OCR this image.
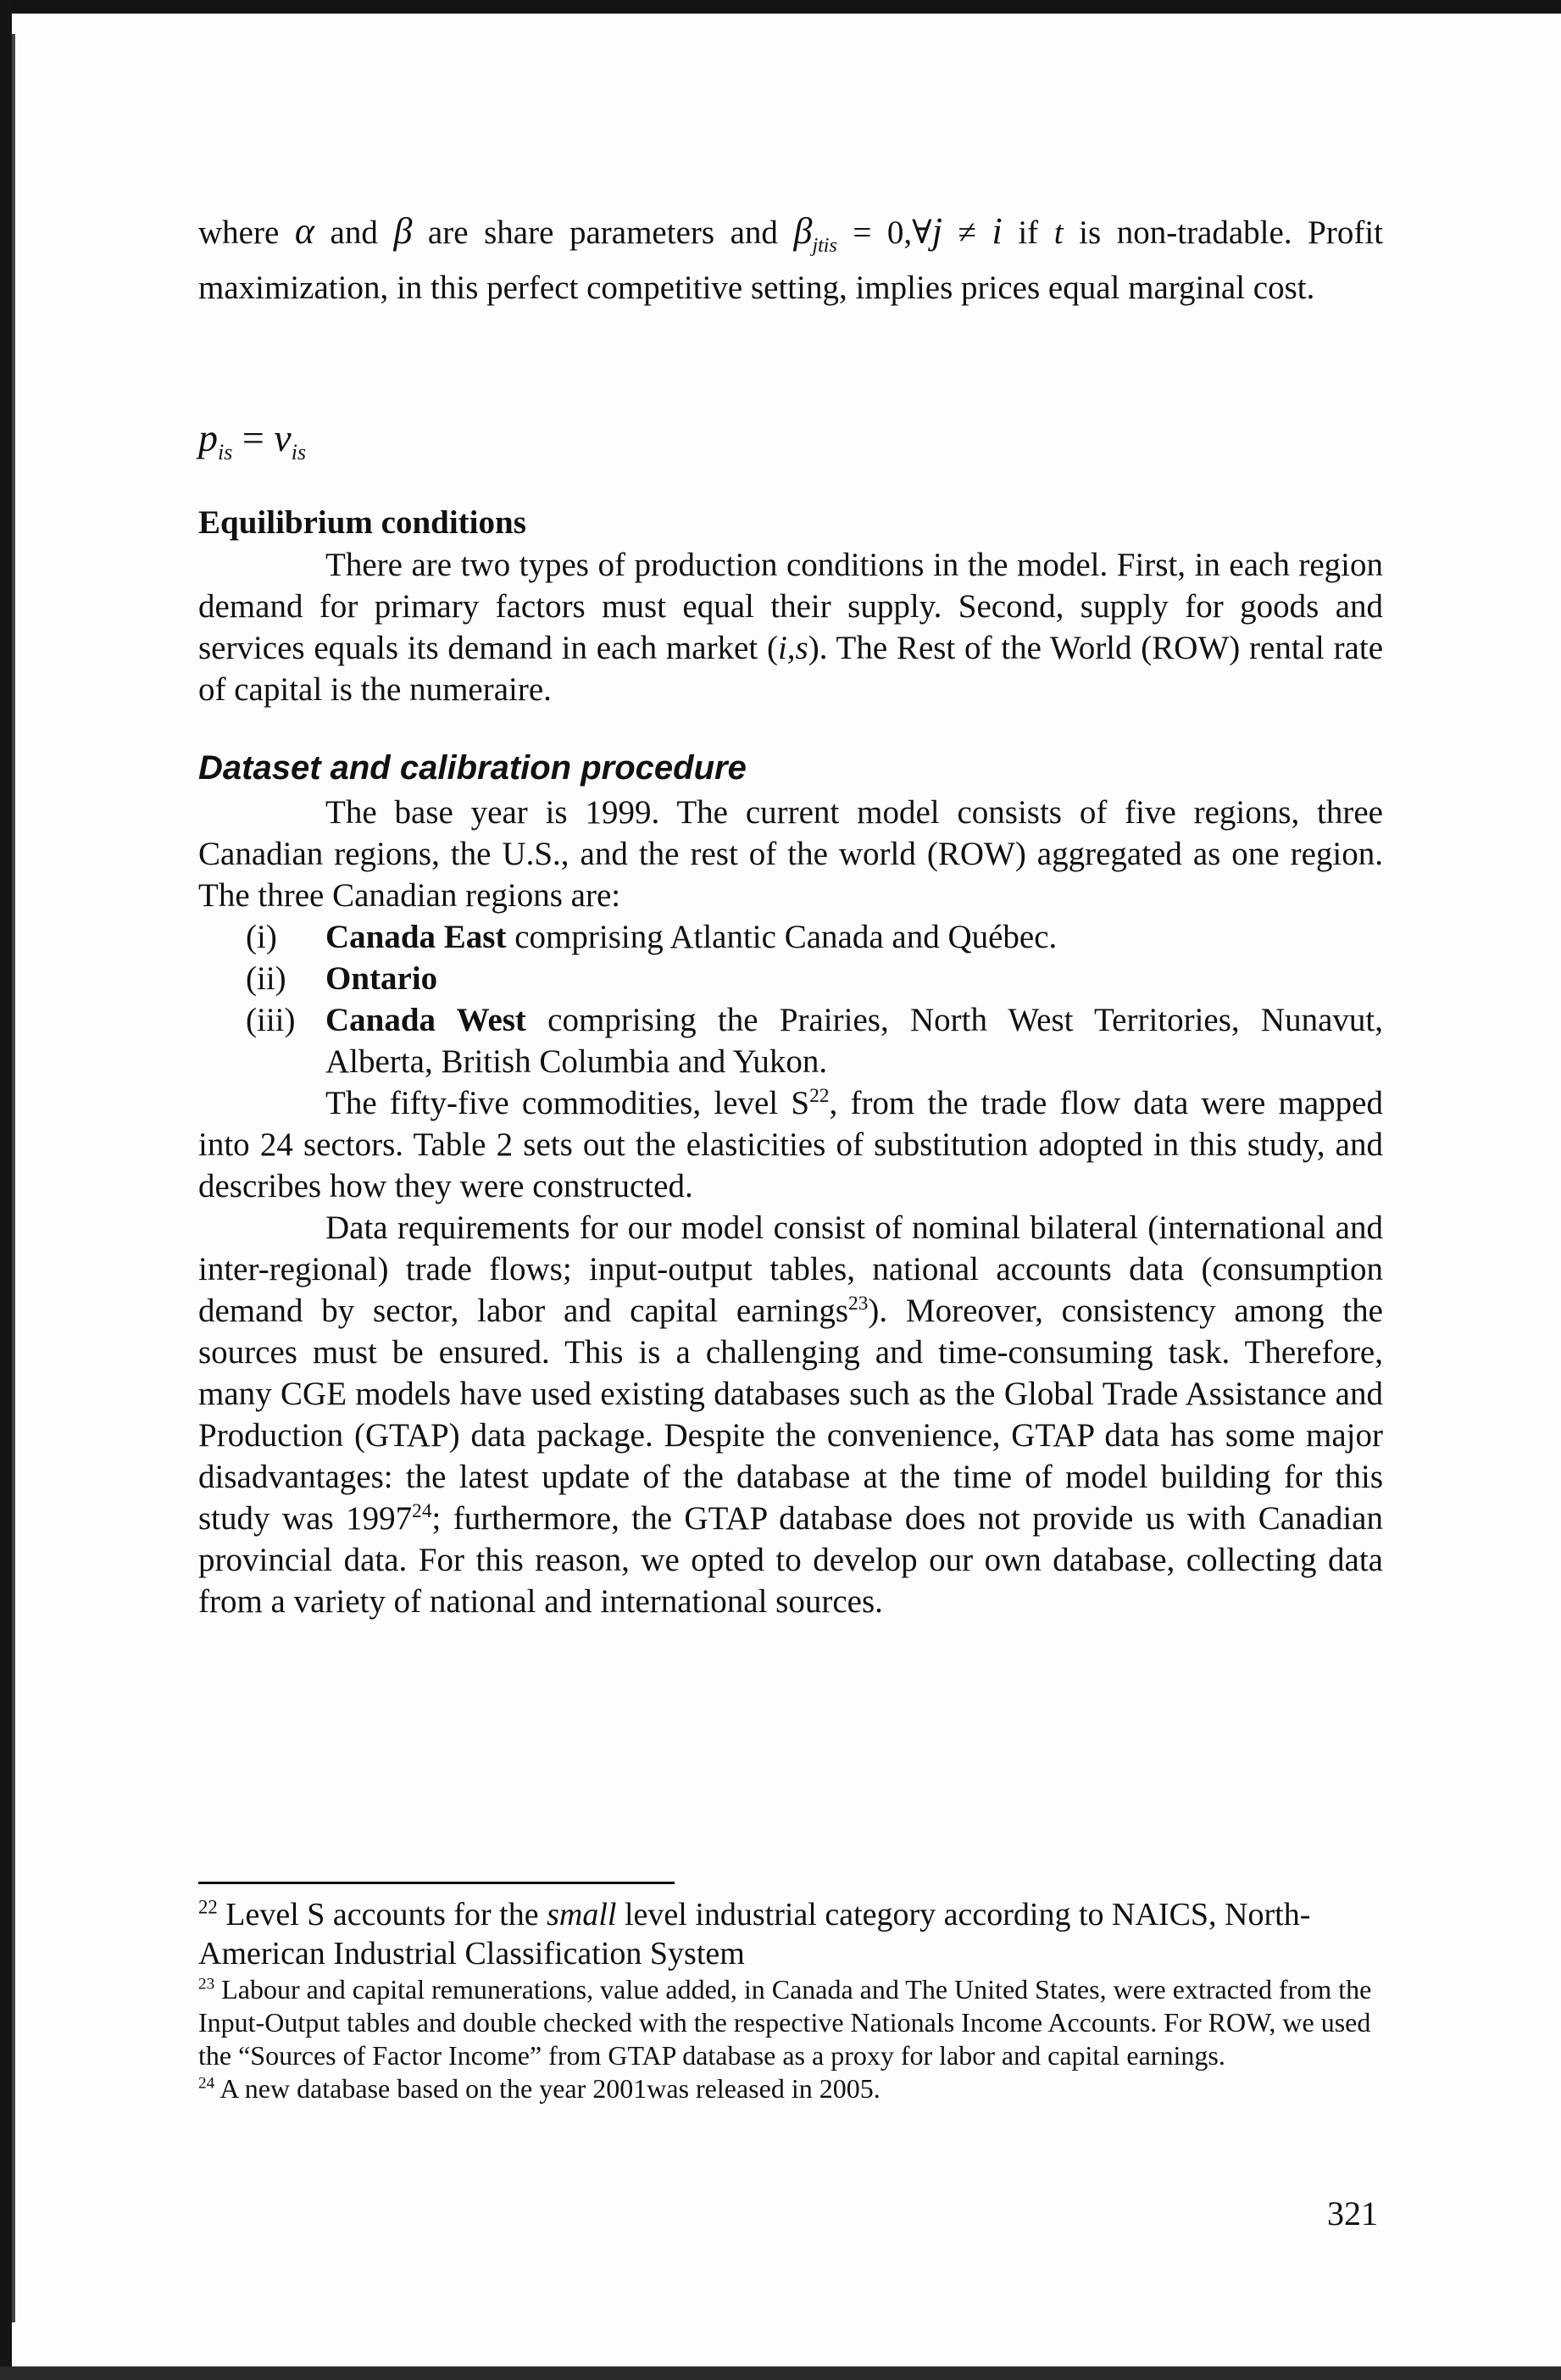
where α and β are share parameters and $\beta_{jtis}$ = 0,∀j ≠ i if t is non-tradable. Profit maximization, in this perfect competitive setting, implies prices equal marginal cost.

$p_{is} = v_{is}$
Equilibrium conditions

There are two types of production conditions in the model. First, in each region demand for primary factors must equal their supply. Second, supply for goods and services equals its demand in each market (i,s). The Rest of the World (ROW) rental rate of capital is the numeraire.

Dataset and calibration procedure

The base year is 1999. The current model consists of five regions, three Canadian regions, the U.S., and the rest of the world (ROW) aggregated as one region. The three Canadian regions are:

(i) Canada East comprising Atlantic Canada and Québec.
(ii) Ontario
(iii) Canada West comprising the Prairies, North West Territories, Nunavut, Alberta, British Columbia and Yukon.

The fifty-five commodities, level $S^{22}$, from the trade flow data were mapped into 24 sectors. Table 2 sets out the elasticities of substitution adopted in this study, and describes how they were constructed.

Data requirements for our model consist of nominal bilateral (international and inter-regional) trade flows; input-output tables, national accounts data (consumption demand by sector, labor and capital earnings$^{23}$). Moreover, consistency among the sources must be ensured. This is a challenging and time-consuming task. Therefore, many CGE models have used existing databases such as the Global Trade Assistance and Production (GTAP) data package. Despite the convenience, GTAP data has some major disadvantages: the latest update of the database at the time of model building for this study was 1997$^{24}$; furthermore, the GTAP database does not provide us with Canadian provincial data. For this reason, we opted to develop our own database, collecting data from a variety of national and international sources.

$^{22}$ Level S accounts for the small level industrial category according to NAICS, North-American Industrial Classification System

$^{23}$ Labour and capital remunerations, value added, in Canada and The United States, were extracted from the Input-Output tables and double checked with the respective Nationals Income Accounts. For ROW, we used the “Sources of Factor Income” from GTAP database as a proxy for labor and capital earnings.

$^{24}$ A new database based on the year 2001was released in 2005.

321
